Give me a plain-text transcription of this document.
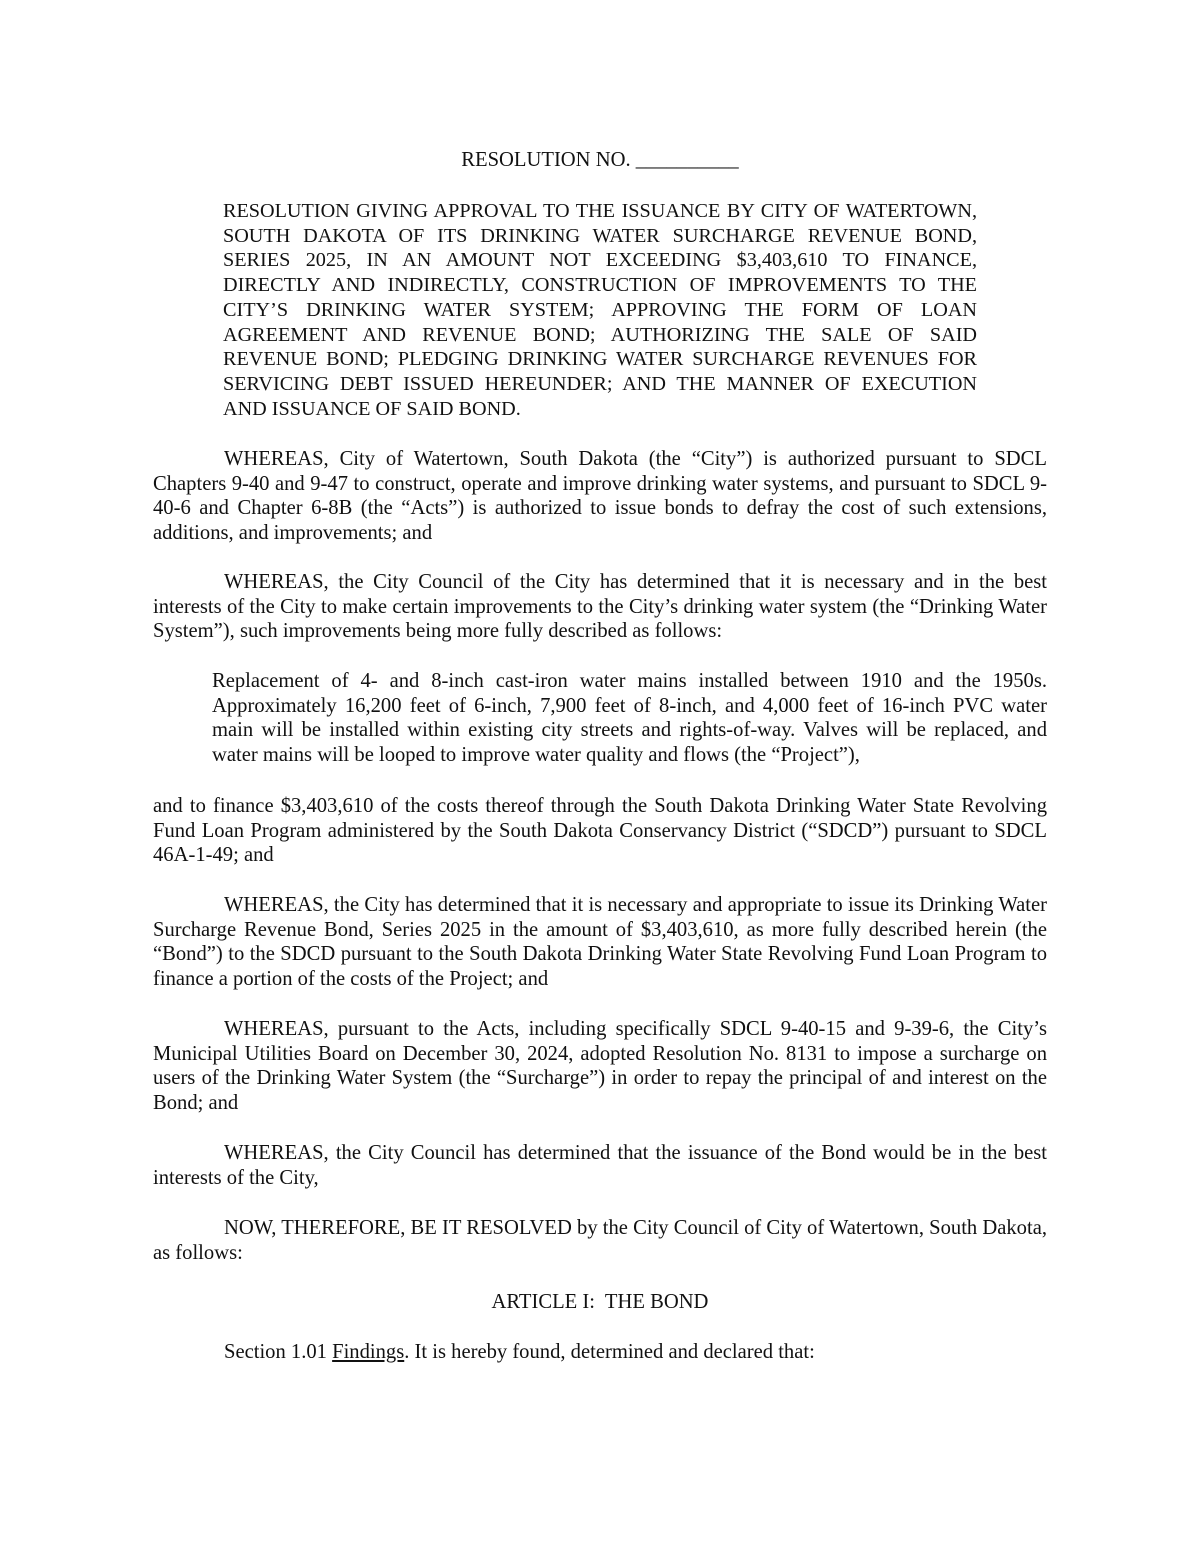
RESOLUTION NO. __________
RESOLUTION GIVING APPROVAL TO THE ISSUANCE BY CITY OF WATERTOWN, SOUTH DAKOTA OF ITS DRINKING WATER SURCHARGE REVENUE BOND, SERIES 2025, IN AN AMOUNT NOT EXCEEDING $3,403,610 TO FINANCE, DIRECTLY AND INDIRECTLY, CONSTRUCTION OF IMPROVEMENTS TO THE CITY’S DRINKING WATER SYSTEM; APPROVING THE FORM OF LOAN AGREEMENT AND REVENUE BOND; AUTHORIZING THE SALE OF SAID REVENUE BOND; PLEDGING DRINKING WATER SURCHARGE REVENUES FOR SERVICING DEBT ISSUED HEREUNDER; AND THE MANNER OF EXECUTION AND ISSUANCE OF SAID BOND.
WHEREAS, City of Watertown, South Dakota (the “City”) is authorized pursuant to SDCL Chapters 9-40 and 9-47 to construct, operate and improve drinking water systems, and pursuant to SDCL 9-40-6 and Chapter 6-8B (the “Acts”) is authorized to issue bonds to defray the cost of such extensions, additions, and improvements; and
WHEREAS, the City Council of the City has determined that it is necessary and in the best interests of the City to make certain improvements to the City’s drinking water system (the “Drinking Water System”), such improvements being more fully described as follows:
Replacement of 4- and 8-inch cast-iron water mains installed between 1910 and the 1950s. Approximately 16,200 feet of 6-inch, 7,900 feet of 8-inch, and 4,000 feet of 16-inch PVC water main will be installed within existing city streets and rights-of-way. Valves will be replaced, and water mains will be looped to improve water quality and flows (the “Project”),
and to finance $3,403,610 of the costs thereof through the South Dakota Drinking Water State Revolving Fund Loan Program administered by the South Dakota Conservancy District (“SDCD”) pursuant to SDCL 46A-1-49; and
WHEREAS, the City has determined that it is necessary and appropriate to issue its Drinking Water Surcharge Revenue Bond, Series 2025 in the amount of $3,403,610, as more fully described herein (the “Bond”) to the SDCD pursuant to the South Dakota Drinking Water State Revolving Fund Loan Program to finance a portion of the costs of the Project; and
WHEREAS, pursuant to the Acts, including specifically SDCL 9-40-15 and 9-39-6, the City’s Municipal Utilities Board on December 30, 2024, adopted Resolution No. 8131 to impose a surcharge on users of the Drinking Water System (the “Surcharge”) in order to repay the principal of and interest on the Bond; and
WHEREAS, the City Council has determined that the issuance of the Bond would be in the best interests of the City,
NOW, THEREFORE, BE IT RESOLVED by the City Council of City of Watertown, South Dakota, as follows:
ARTICLE I:  THE BOND
Section 1.01 Findings. It is hereby found, determined and declared that:
